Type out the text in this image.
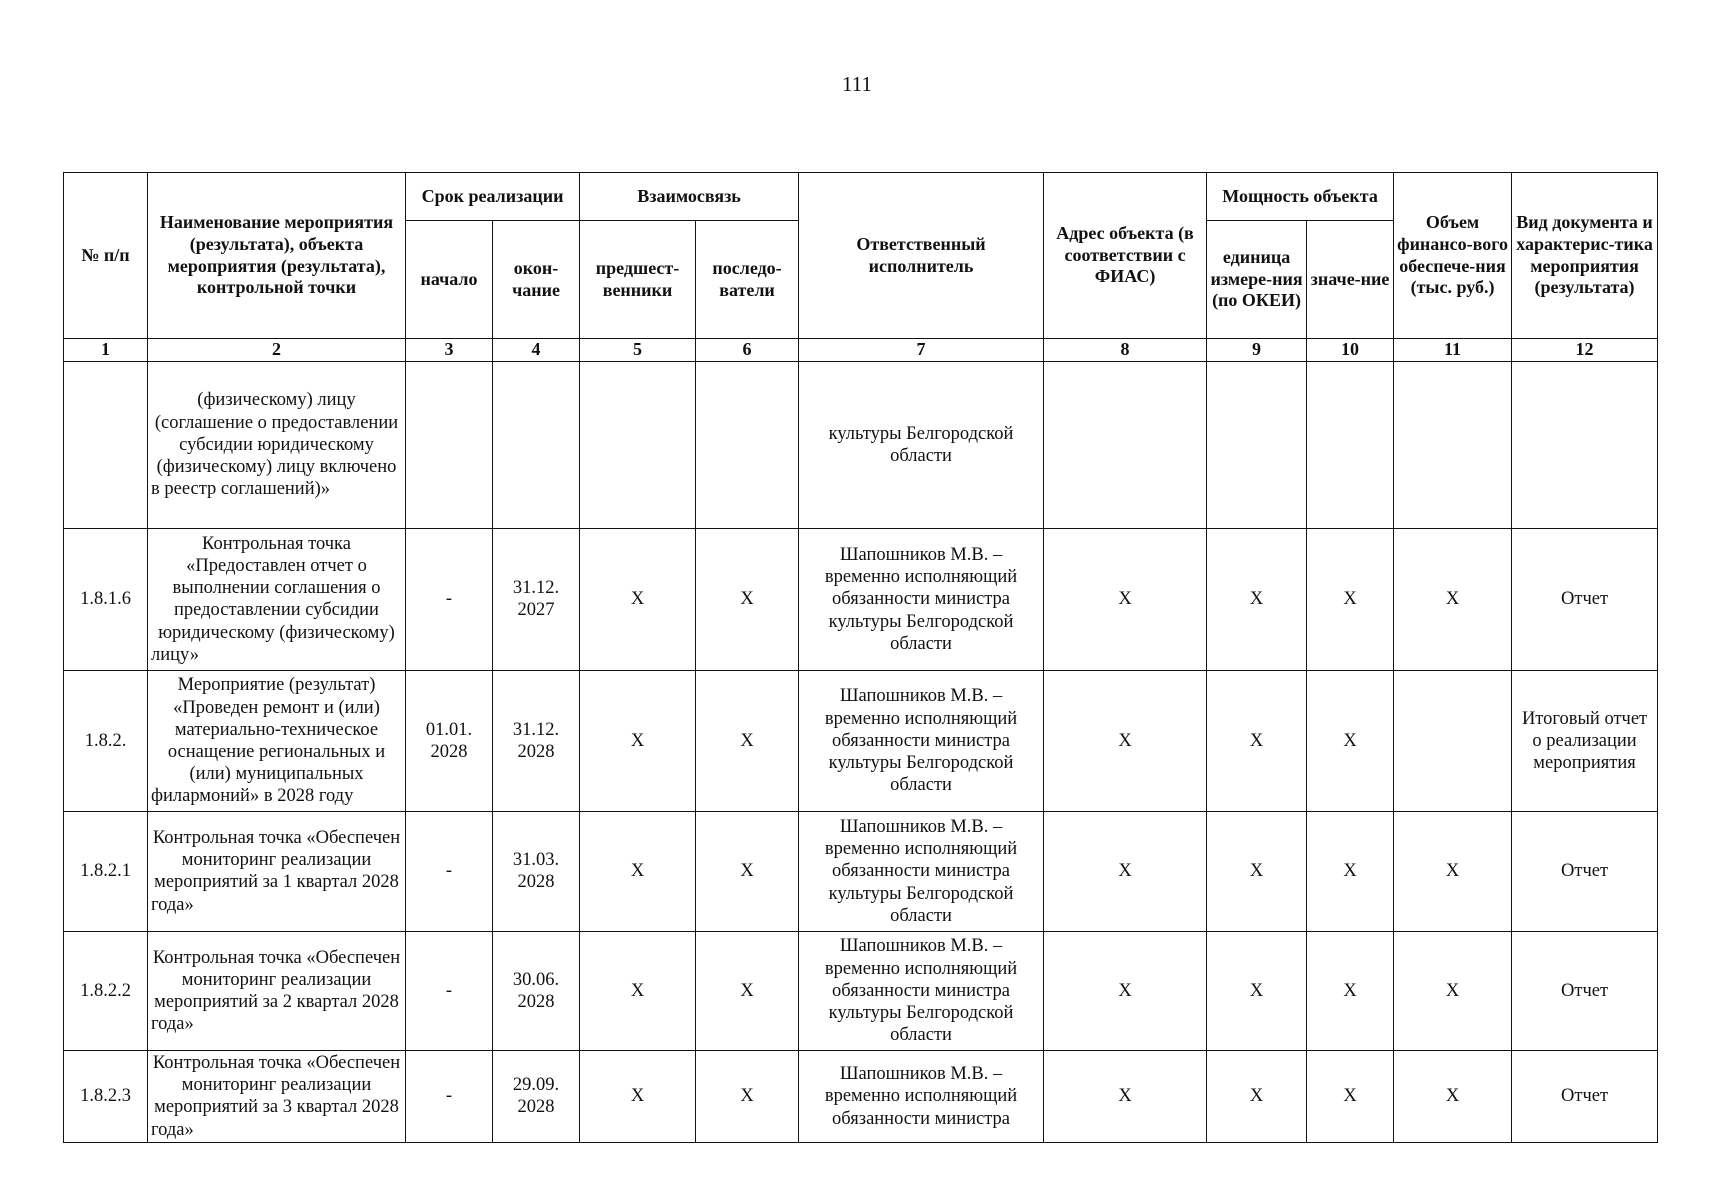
111
№ п/п	Наименование мероприятия (результата), объекта мероприятия (результата), контрольной точки	Срок реализации		Взаимосвязь		Ответственный исполнитель	Адрес объекта (в соответствии с ФИАС)	Мощность объекта		Объем финансо-вого обеспече-ния (тыс. руб.)	Вид документа и характерис-тика мероприятия (результата)
		начало	окон-чание	предшест-венники	последо-ватели			единица измере-ния (по ОКЕИ)	значе-ние		
1	2	3	4	5	6	7	8	9	10	11	12
	(физическому) лицу (соглашение о предоставлении субсидии юридическому (физическому) лицу включено в реестр соглашений)»					культуры Белгородской области					
1.8.1.6	Контрольная точка «Предоставлен отчет о выполнении соглашения о предоставлении субсидии юридическому (физическому) лицу»	-	31.12. 2027	X	X	Шапошников М.В. – временно исполняющий обязанности министра культуры Белгородской области	X	X	X	X	Отчет
1.8.2.	Мероприятие (результат) «Проведен ремонт и (или) материально-техническое оснащение региональных и (или) муниципальных филармоний» в 2028 году	01.01. 2028	31.12. 2028	X	X	Шапошников М.В. – временно исполняющий обязанности министра культуры Белгородской области	X	X	X		Итоговый отчет о реализации мероприятия
1.8.2.1	Контрольная точка «Обеспечен мониторинг реализации мероприятий за 1 квартал 2028 года»	-	31.03. 2028	X	X	Шапошников М.В. – временно исполняющий обязанности министра культуры Белгородской области	X	X	X	X	Отчет
1.8.2.2	Контрольная точка «Обеспечен мониторинг реализации мероприятий за 2 квартал 2028 года»	-	30.06. 2028	X	X	Шапошников М.В. – временно исполняющий обязанности министра культуры Белгородской области	X	X	X	X	Отчет
1.8.2.3	Контрольная точка «Обеспечен мониторинг реализации мероприятий за 3 квартал 2028 года»	-	29.09. 2028	X	X	Шапошников М.В. – временно исполняющий обязанности министра	X	X	X	X	Отчет
